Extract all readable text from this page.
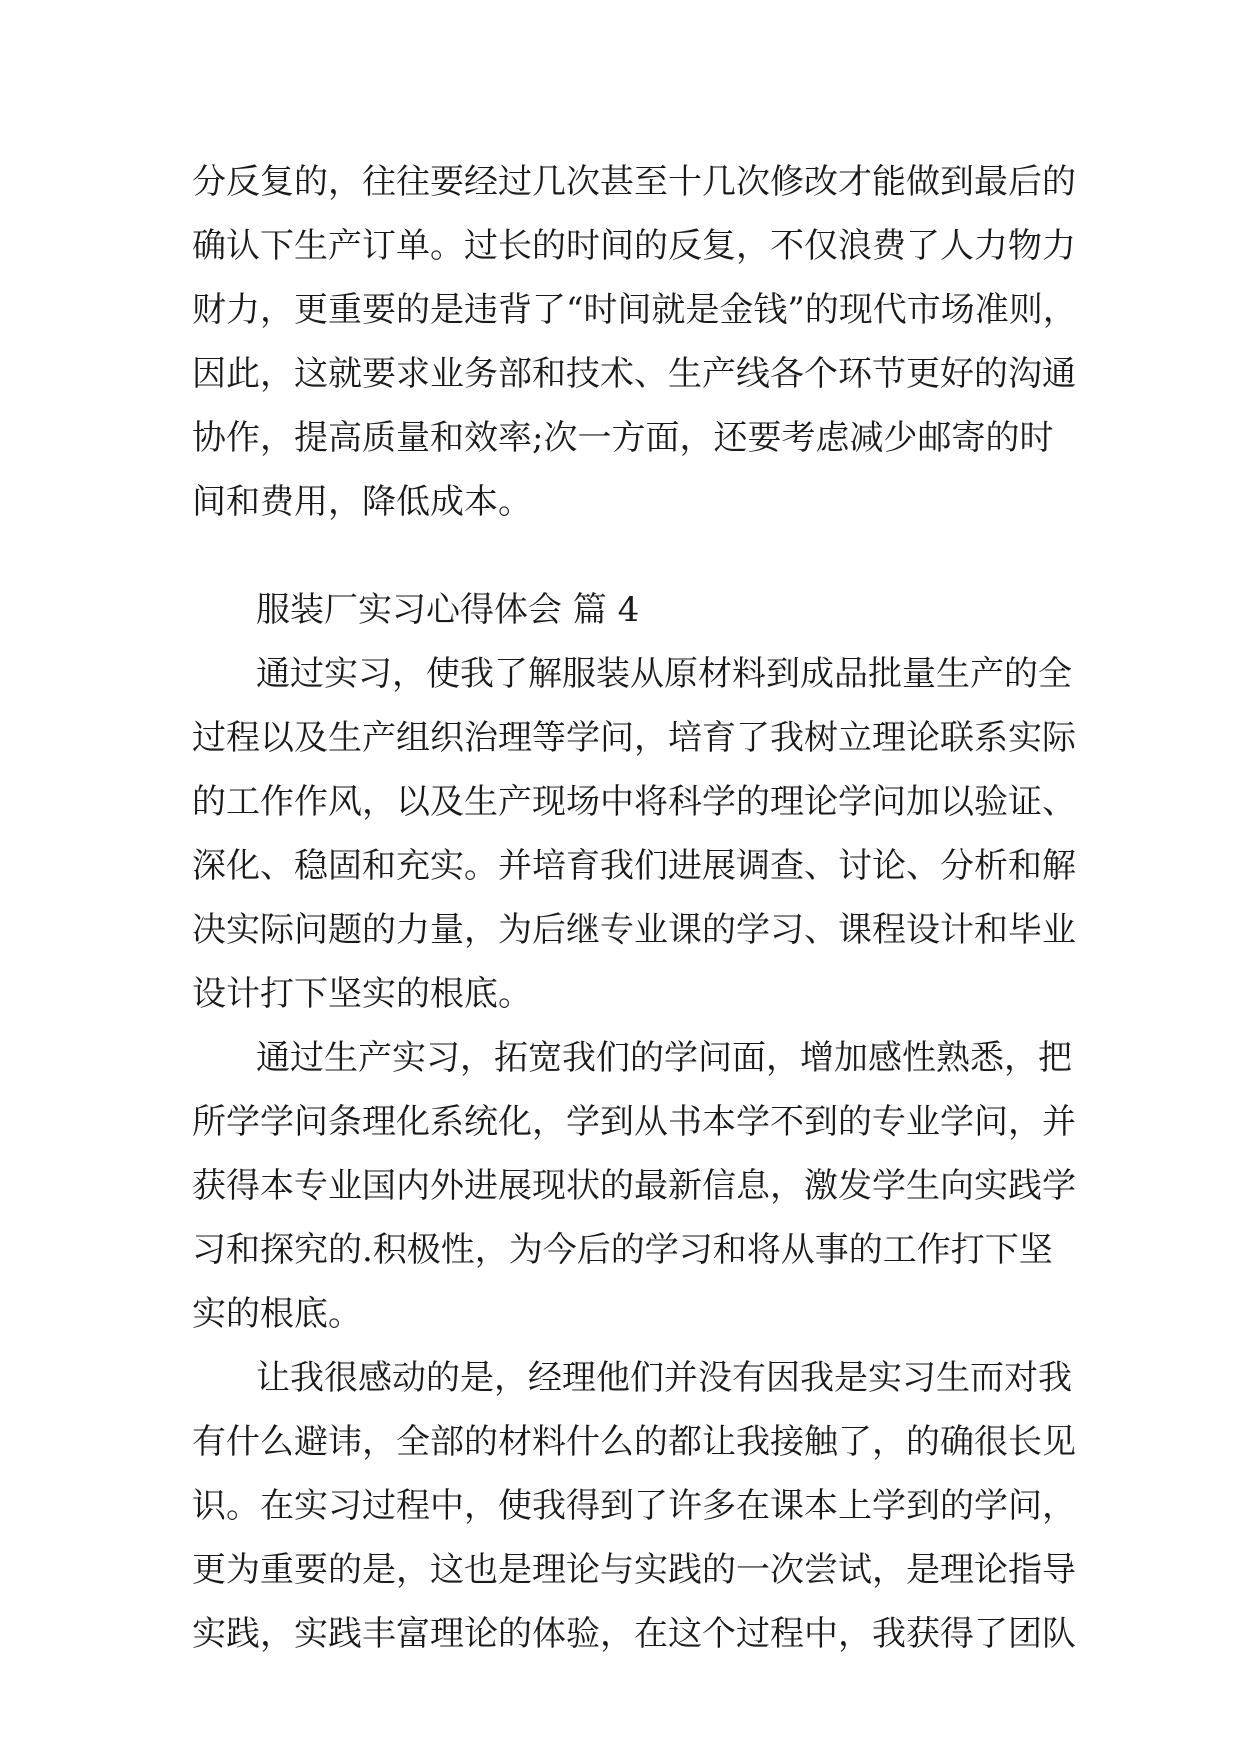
分反复的，往往要经过几次甚至十几次修改才能做到最后的
确认下生产订单。过长的时间的反复，不仅浪费了人力物力
财力，更重要的是违背了“时间就是金钱”的现代市场准则，
因此，这就要求业务部和技术、生产线各个环节更好的沟通
协作，提高质量和效率;次一方面，还要考虑减少邮寄的时
间和费用，降低成本。
服装厂实习心得体会 篇 4
通过实习，使我了解服装从原材料到成品批量生产的全
过程以及生产组织治理等学问，培育了我树立理论联系实际
的工作作风，以及生产现场中将科学的理论学问加以验证、
深化、稳固和充实。并培育我们进展调查、讨论、分析和解
决实际问题的力量，为后继专业课的学习、课程设计和毕业
设计打下坚实的根底。
通过生产实习，拓宽我们的学问面，增加感性熟悉，把
所学学问条理化系统化，学到从书本学不到的专业学问，并
获得本专业国内外进展现状的最新信息，激发学生向实践学
习和探究的.积极性，为今后的学习和将从事的工作打下坚
实的根底。
让我很感动的是，经理他们并没有因我是实习生而对我
有什么避讳，全部的材料什么的都让我接触了，的确很长见
识。在实习过程中，使我得到了许多在课本上学到的学问，
更为重要的是，这也是理论与实践的一次尝试，是理论指导
实践，实践丰富理论的体验，在这个过程中，我获得了团队
